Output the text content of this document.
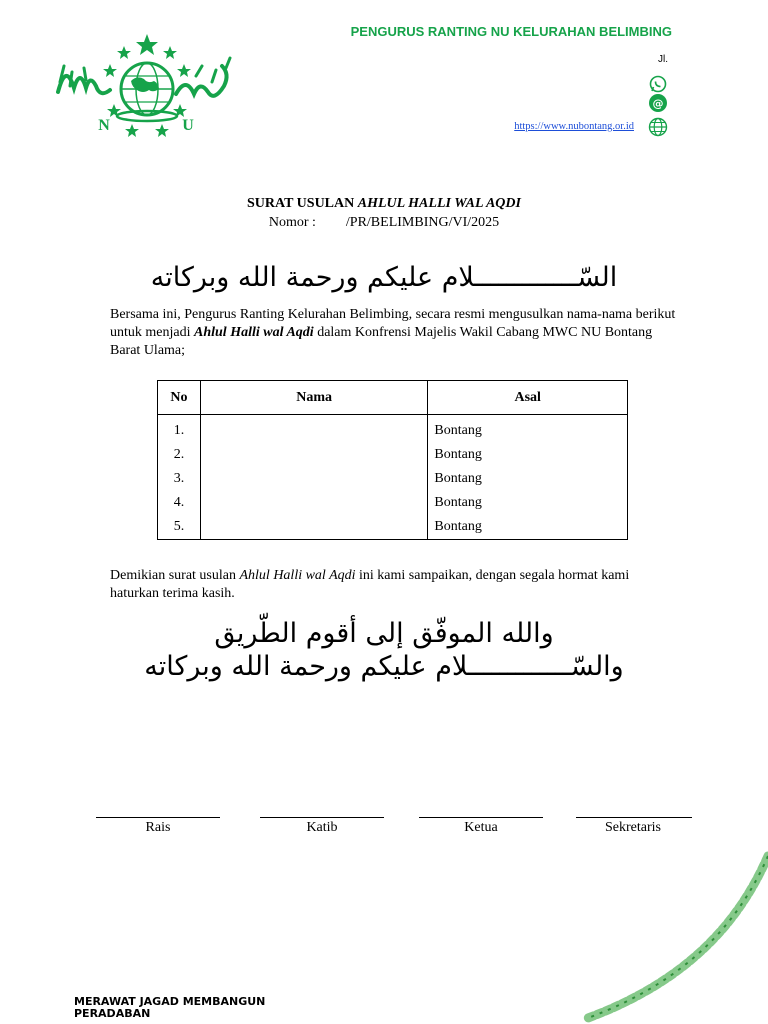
PENGURUS RANTING NU KELURAHAN BELIMBING
Jl.
@
https://www.nubontang.or.id
N	U
SURAT USULAN AHLUL HALLI WAL AQDI
Nomor : /PR/BELIMBING/VI/2025
السّـــــــــــــلام عليكم ورحمة الله وبركاته
Bersama ini, Pengurus Ranting Kelurahan Belimbing, secara resmi mengusulkan nama-nama berikut untuk menjadi Ahlul Halli wal Aqdi dalam Konfrensi Majelis Wakil Cabang MWC NU Bontang Barat Ulama;
No	Nama	Asal
1.		Bontang
2.		Bontang
3.		Bontang
4.		Bontang
5.		Bontang
Demikian surat usulan Ahlul Halli wal Aqdi ini kami sampaikan, dengan segala hormat kami haturkan terima kasih.
والله الموفّق إلى أقوم الطّريق
والسّـــــــــــــلام عليكم ورحمة الله وبركاته
Rais	Katib	Ketua	Sekretaris
MERAWAT JAGAD MEMBANGUN PERADABAN
